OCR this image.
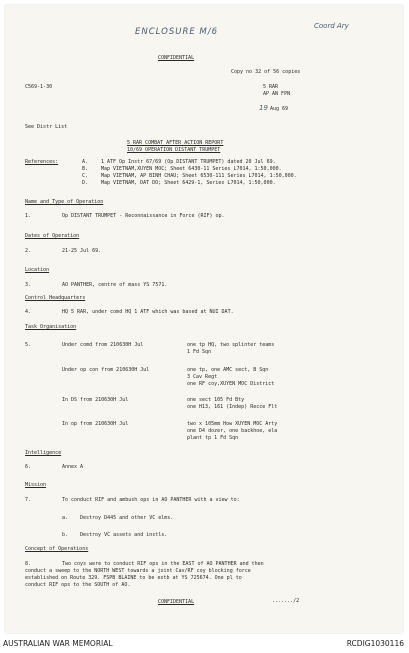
ENCLOSURE M/6
Coord Ary
CONFIDENTIAL
Copy no 32 of 56 copies
C569-1-30	5 RAR
AP AN FPN
19 Aug 69
See Distr List
5 RAR COMBAT AFTER ACTION REPORT
10/69 OPERATION DISTANT TRUMPET
References:	A.	1 ATF Op Instr 67/69 (Op DISTANT TRUMPET) dated 20 Jul 69.
B.	Map VIETNAM,XUYEN MOC; Sheet 6430-11 Series L7014, 1:50,000.
C.	Map VIETNAM, AP BINH CHAU; Sheet 6530-111 Series L7014, 1:50,000.
D.	Map VIETNAM, DAT DO; Sheet 6429-1, Series L7014, 1:50,000.
Name and Type of Operation
1.	Op DISTANT TRUMPET - Reconnaissance in Force (RIF) op.
Dates of Operation
2.	21-25 Jul 69.
Location
3.	AO PANTHER, centre of mass YS 7571.
Control Headquarters
4.	HQ 5 RAR, under comd HQ 1 ATF which was based at NUI DAT.
Task Organisation
5.	Under comd from 210630H Jul	one tp HQ, two splinter teams
1 Fd Sqn
Under op con from 210630H Jul	one tp, one AMC sect, B Sqn
3 Cav Regt
one RF coy,XUYEN MOC District
In DS from 210630H Jul	one sect 105 Fd Bty
one H13, 161 (Indep) Recce Flt
In op from 210630H Jul	two x 105mm How XUYEN MOC Arty
one D4 dozer, one backhoe, ela
plant tp 1 Fd Sqn
Intelligence
6.	Annex A
Mission
7.	To conduct RIF and ambush ops in AO PANTHER with a view to:
a. Destroy D445 and other VC elms.
b. Destroy VC assets and instls.
Concept of Operations
8.	Two coys were to conduct RIF ops in the EAST of AO PANTHER and then
conduct a sweep to the NORTH WEST towards a joint Cav/RF coy blocking force
established on Route 329. FSPB BLAINE to be estb at YS 725674. One pl to
conduct RIF ops to the SOUTH of AO.
CONFIDENTIAL	......./2
AUSTRALIAN WAR MEMORIAL	RCDIG1030116
